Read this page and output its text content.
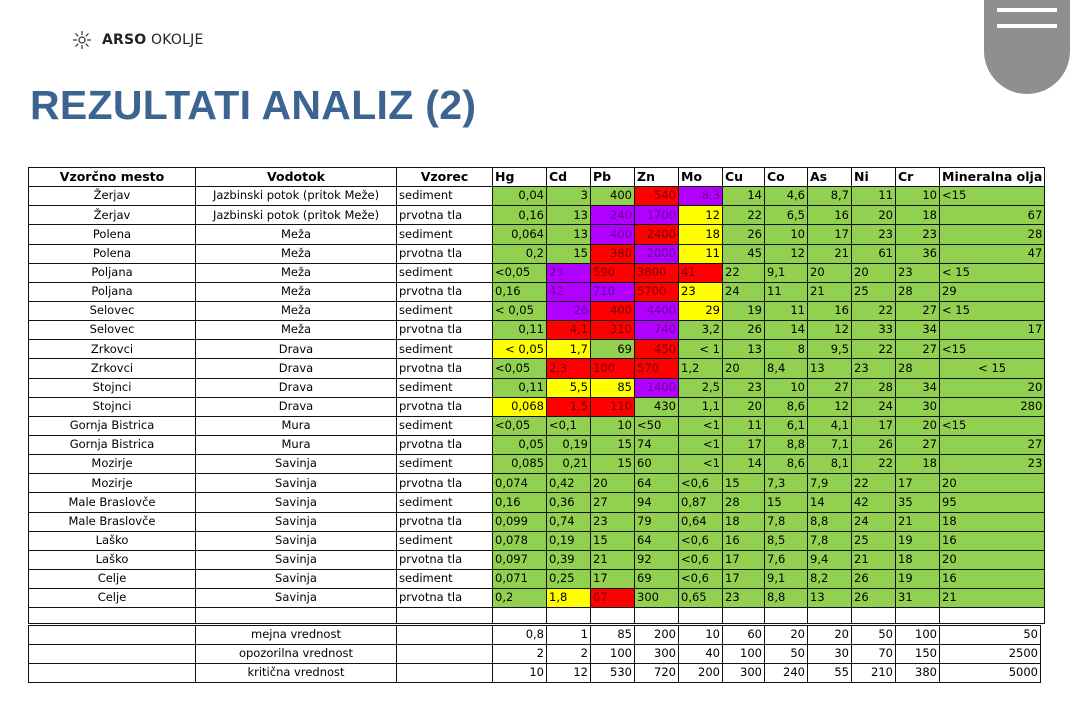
ARSO OKOLJE
REZULTATI ANALIZ (2)
Vzorčno mesto	Vodotok	Vzorec	Hg	Cd	Pb	Zn	Mo	Cu	Co	As	Ni	Cr	Mineralna olja
Žerjav	Jazbinski potok (pritok Meže)	sediment	0,04	3	400	540	8,3	14	4,6	8,7	11	10	<15
Žerjav	Jazbinski potok (pritok Meže)	prvotna tla	0,16	13	240	1700	12	22	6,5	16	20	18	67
Polena	Meža	sediment	0,064	13	400	2400	18	26	10	17	23	23	28
Polena	Meža	prvotna tla	0,2	15	380	2000	11	45	12	21	61	36	47
Poljana	Meža	sediment	<0,05	25	590	3800	41	22	9,1	20	20	23	< 15
Poljana	Meža	prvotna tla	0,16	42	710	5700	23	24	11	21	25	28	29
Selovec	Meža	sediment	< 0,05	26	400	4400	29	19	11	16	22	27	< 15
Selovec	Meža	prvotna tla	0,11	4,1	310	740	3,2	26	14	12	33	34	17
Zrkovci	Drava	sediment	< 0,05	1,7	69	450	< 1	13	8	9,5	22	27	<15
Zrkovci	Drava	prvotna tla	<0,05	2,3	100	570	1,2	20	8,4	13	23	28	< 15
Stojnci	Drava	sediment	0,11	5,5	85	1400	2,5	23	10	27	28	34	20
Stojnci	Drava	prvotna tla	0,068	1,5	110	430	1,1	20	8,6	12	24	30	280
Gornja Bistrica	Mura	sediment	<0,05	<0,1	10	<50	<1	11	6,1	4,1	17	20	<15
Gornja Bistrica	Mura	prvotna tla	0,05	0,19	15	74	<1	17	8,8	7,1	26	27	27
Mozirje	Savinja	sediment	0,085	0,21	15	60	<1	14	8,6	8,1	22	18	23
Mozirje	Savinja	prvotna tla	0,074	0,42	20	64	<0,6	15	7,3	7,9	22	17	20
Male Braslovče	Savinja	sediment	0,16	0,36	27	94	0,87	28	15	14	42	35	95
Male Braslovče	Savinja	prvotna tla	0,099	0,74	23	79	0,64	18	7,8	8,8	24	21	18
Laško	Savinja	sediment	0,078	0,19	15	64	<0,6	16	8,5	7,8	25	19	16
Laško	Savinja	prvotna tla	0,097	0,39	21	92	<0,6	17	7,6	9,4	21	18	20
Celje	Savinja	sediment	0,071	0,25	17	69	<0,6	17	9,1	8,2	26	19	16
Celje	Savinja	prvotna tla	0,2	1,8	67	300	0,65	23	8,8	13	26	31	21

	mejna vrednost		0,8	1	85	200	10	60	20	20	50	100	50
	opozorilna vrednost		2	2	100	300	40	100	50	30	70	150	2500
	kritična vrednost		10	12	530	720	200	300	240	55	210	380	5000
